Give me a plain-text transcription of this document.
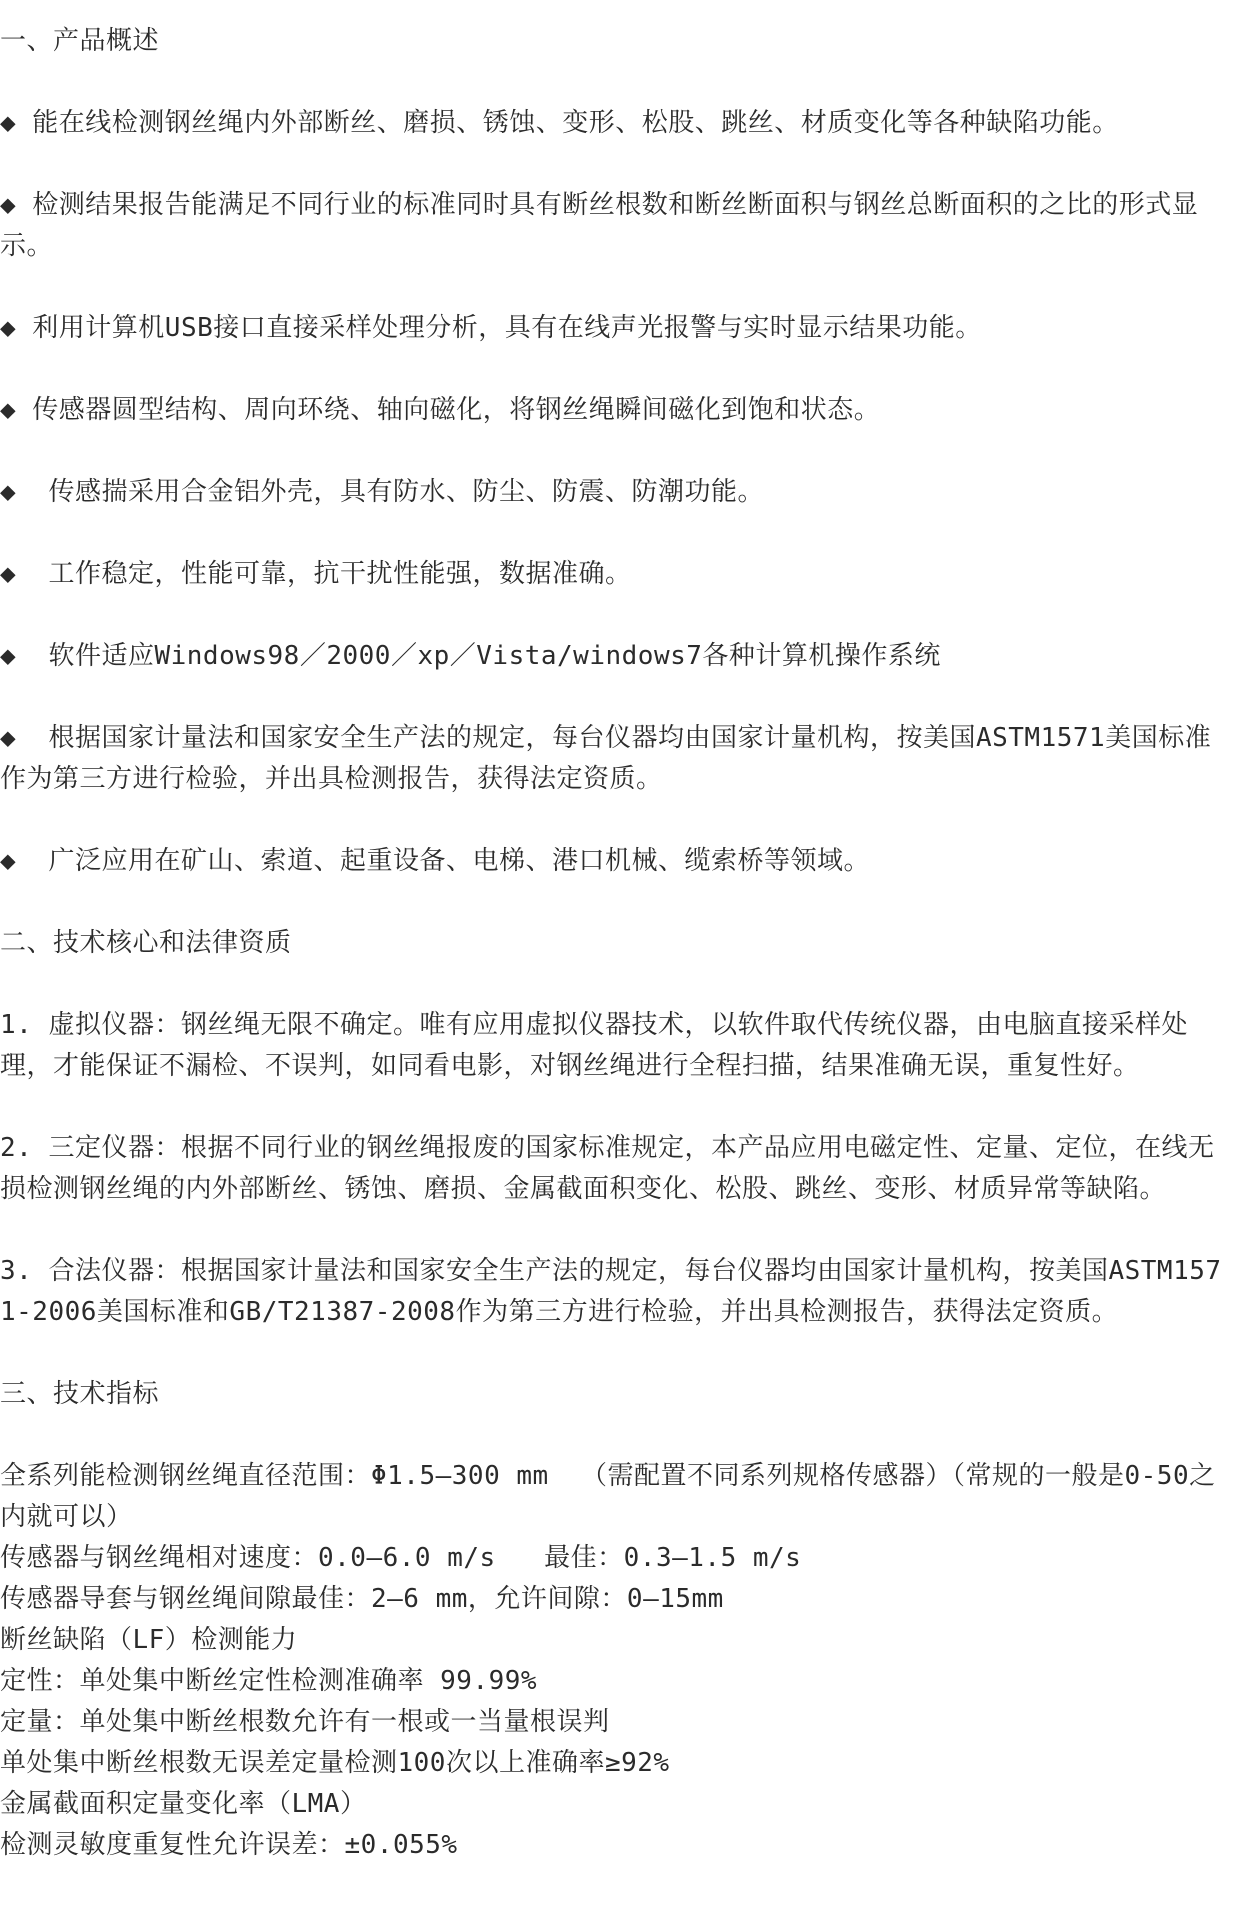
一、产品概述

◆ 能在线检测钢丝绳内外部断丝、磨损、锈蚀、变形、松股、跳丝、材质变化等各种缺陷功能。

◆ 检测结果报告能满足不同行业的标准同时具有断丝根数和断丝断面积与钢丝总断面积的之比的形式显示。

◆ 利用计算机USB接口直接采样处理分析，具有在线声光报警与实时显示结果功能。

◆ 传感器圆型结构、周向环绕、轴向磁化，将钢丝绳瞬间磁化到饱和状态。

◆  传感揣采用合金铝外壳，具有防水、防尘、防震、防潮功能。

◆  工作稳定，性能可靠，抗干扰性能强，数据准确。

◆  软件适应Windows98／2000／xp／Vista/windows7各种计算机操作系统

◆  根据国家计量法和国家安全生产法的规定，每台仪器均由国家计量机构，按美国ASTM1571美国标准作为第三方进行检验，并出具检测报告，获得法定资质。

◆  广泛应用在矿山、索道、起重设备、电梯、港口机械、缆索桥等领域。

二、技术核心和法律资质

1. 虚拟仪器：钢丝绳无限不确定。唯有应用虚拟仪器技术，以软件取代传统仪器，由电脑直接采样处理，才能保证不漏检、不误判，如同看电影，对钢丝绳进行全程扫描，结果准确无误，重复性好。

2. 三定仪器：根据不同行业的钢丝绳报废的国家标准规定，本产品应用电磁定性、定量、定位，在线无损检测钢丝绳的内外部断丝、锈蚀、磨损、金属截面积变化、松股、跳丝、变形、材质异常等缺陷。

3. 合法仪器：根据国家计量法和国家安全生产法的规定，每台仪器均由国家计量机构，按美国ASTM1571-2006美国标准和GB/T21387-2008作为第三方进行检验，并出具检测报告，获得法定资质。

三、技术指标

全系列能检测钢丝绳直径范围：Φ1.5—300 mm  （需配置不同系列规格传感器）（常规的一般是0-50之内就可以）

传感器与钢丝绳相对速度：0.0—6.0 m/s   最佳：0.3—1.5 m/s

传感器导套与钢丝绳间隙最佳：2—6 mm，允许间隙：0—15mm

断丝缺陷（LF）检测能力

定性：单处集中断丝定性检测准确率 99.99%

定量：单处集中断丝根数允许有一根或一当量根误判

单处集中断丝根数无误差定量检测100次以上准确率≥92%

金属截面积定量变化率（LMA）

检测灵敏度重复性允许误差：±0.055%
